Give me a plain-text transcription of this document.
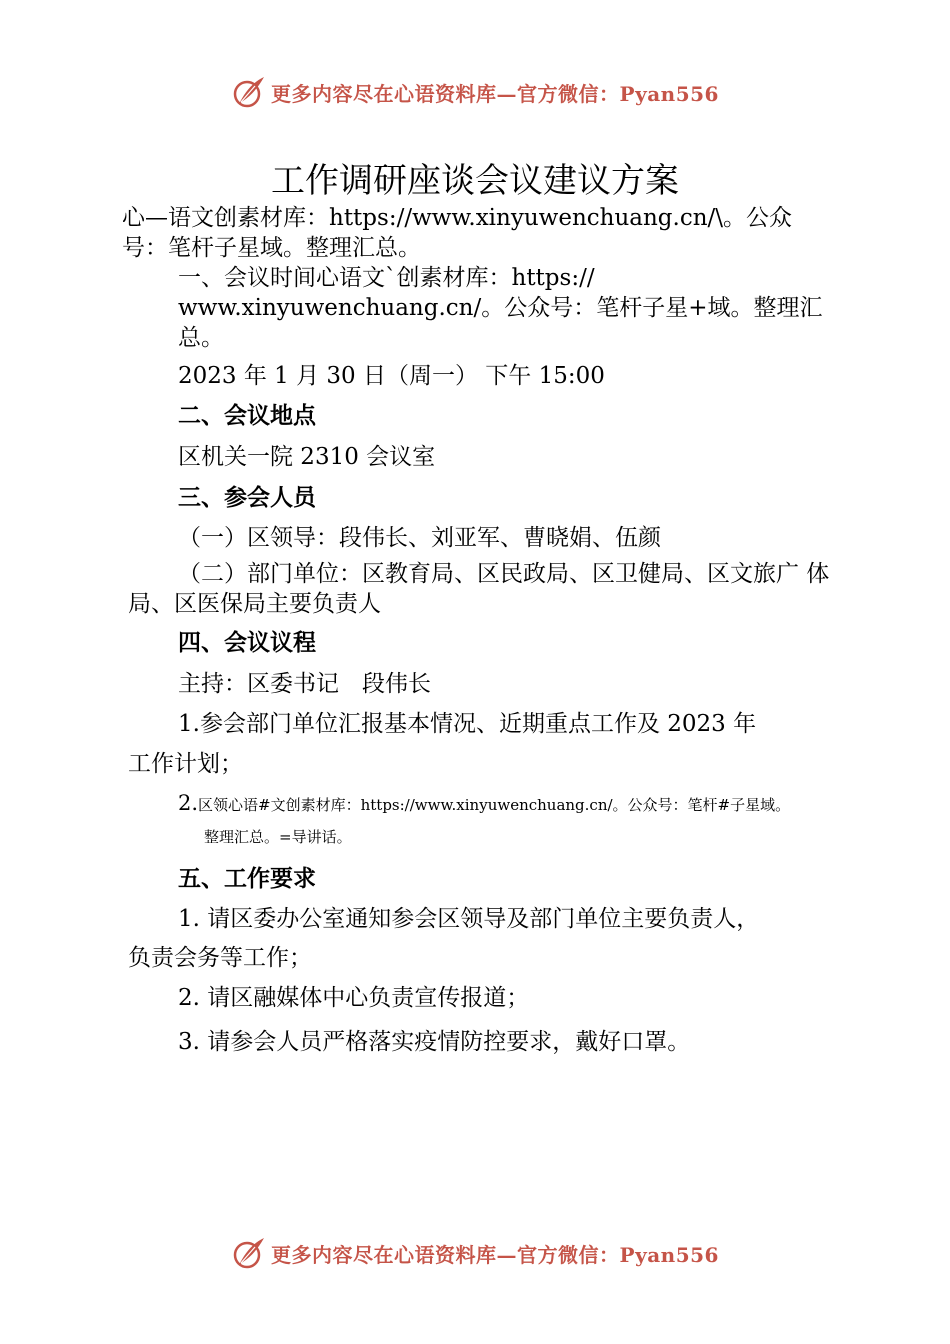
更多内容尽在心语资料库—官方微信：Pyan556
工作调研座谈会议建议方案

心—语文创素材库：https://www.xinyuwenchuang.cn/\。公众

号：笔杆子星域。整理汇总。

一、会议时间心语文`创素材库：https://

www.xinyuwenchuang.cn/。公众号：笔杆子星+域。整理汇

总。

2023 年 1 月 30 日（周一） 下午 15:00

二、会议地点

区机关一院 2310 会议室

三、参会人员

（一）区领导：段伟长、刘亚军、曹晓娟、伍颜

（二）部门单位：区教育局、区民政局、区卫健局、区文旅广 体

局、区医保局主要负责人

四、会议议程

主持：区委书记　段伟长

1.参会部门单位汇报基本情况、近期重点工作及 2023 年

工作计划；

2.区领心语#文创素材库：https://www.xinyuwenchuang.cn/。公众号：笔杆#子星域。

整理汇总。=导讲话。

五、工作要求

1. 请区委办公室通知参会区领导及部门单位主要负责人，

负责会务等工作；

2. 请区融媒体中心负责宣传报道；

3. 请参会人员严格落实疫情防控要求，戴好口罩。

更多内容尽在心语资料库—官方微信：Pyan556
